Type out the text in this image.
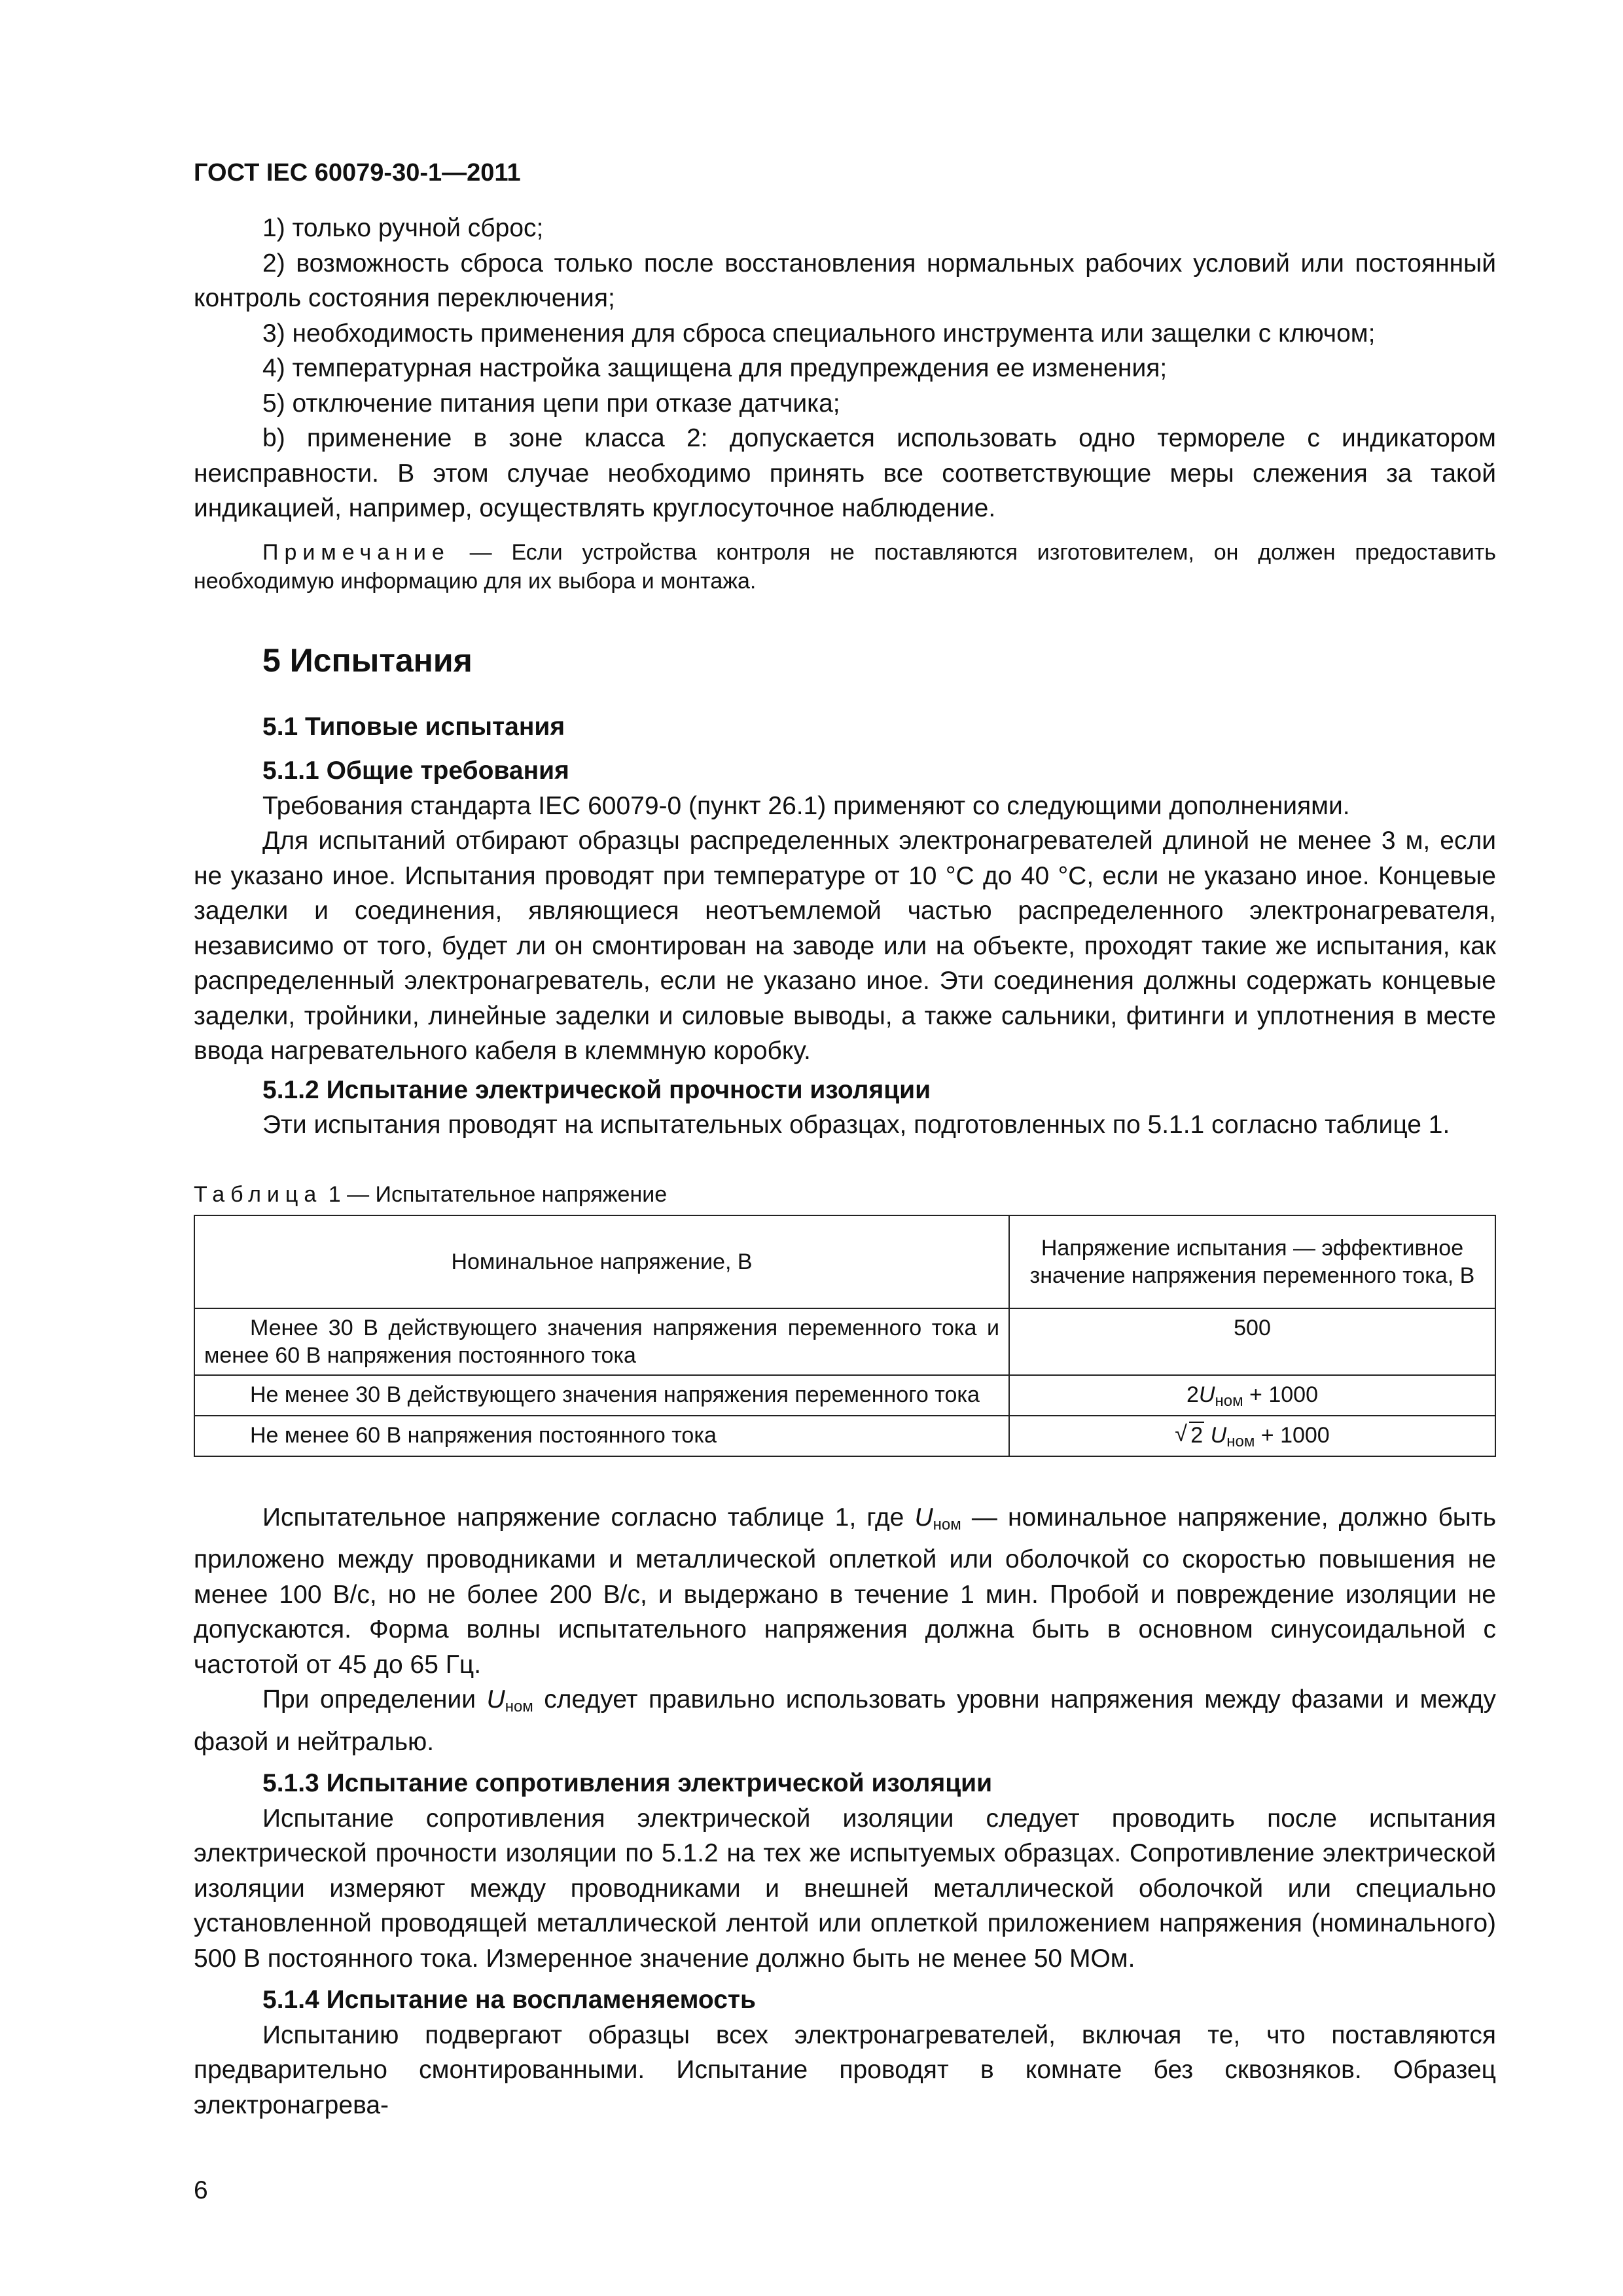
ГОСТ IEC 60079-30-1—2011

1) только ручной сброс;

2) возможность сброса только после восстановления нормальных рабочих условий или постоянный контроль состояния переключения;

3) необходимость применения для сброса специального инструмента или защелки с ключом;

4) температурная настройка защищена для предупреждения ее изменения;

5) отключение питания цепи при отказе датчика;

b) применение в зоне класса 2: допускается использовать одно термореле с индикатором неисправности. В этом случае необходимо принять все соответствующие меры слежения за такой индикацией, например, осуществлять круглосуточное наблюдение.

Примечание — Если устройства контроля не поставляются изготовителем, он должен предоставить необходимую информацию для их выбора и монтажа.

5 Испытания
5.1 Типовые испытания
5.1.1 Общие требования

Требования стандарта IEC 60079-0 (пункт 26.1) применяют со следующими дополнениями.

Для испытаний отбирают образцы распределенных электронагревателей длиной не менее 3 м, если не указано иное. Испытания проводят при температуре от 10 °С до 40 °С, если не указано иное. Концевые заделки и соединения, являющиеся неотъемлемой частью распределенного электронагревателя, независимо от того, будет ли он смонтирован на заводе или на объекте, проходят такие же испытания, как распределенный электронагреватель, если не указано иное. Эти соединения должны содержать концевые заделки, тройники, линейные заделки и силовые выводы, а также сальники, фитинги и уплотнения в месте ввода нагревательного кабеля в клеммную коробку.

5.1.2 Испытание электрической прочности изоляции

Эти испытания проводят на испытательных образцах, подготовленных по 5.1.1 согласно таблице 1.

Таблица 1 — Испытательное напряжение
Номинальное напряжение, В	Напряжение испытания — эффективное значение напряжения переменного тока, В

Менее 30 В действующего значения напряжения переменного тока и менее 60 В напряжения постоянного тока	500

Не менее 30 В действующего значения напряжения переменного тока	$2U_{ном} + 1000$

Не менее 60 В напряжения постоянного тока	√ 2 $U_{ном} + 1000$

Испытательное напряжение согласно таблице 1, где $U_{ном}$ — номинальное напряжение, должно быть приложено между проводниками и металлической оплеткой или оболочкой со скоростью повышения не менее 100 В/с, но не более 200 В/с, и выдержано в течение 1 мин. Пробой и повреждение изоляции не допускаются. Форма волны испытательного напряжения должна быть в основном синусоидальной с частотой от 45 до 65 Гц.

При определении $U_{ном}$ следует правильно использовать уровни напряжения между фазами и между фазой и нейтралью.

5.1.3 Испытание сопротивления электрической изоляции

Испытание сопротивления электрической изоляции следует проводить после испытания электрической прочности изоляции по 5.1.2 на тех же испытуемых образцах. Сопротивление электрической изоляции измеряют между проводниками и внешней металлической оболочкой или специально установленной проводящей металлической лентой или оплеткой приложением напряжения (номинального) 500 В постоянного тока. Измеренное значение должно быть не менее 50 МОм.

5.1.4 Испытание на воспламеняемость

Испытанию подвергают образцы всех электронагревателей, включая те, что поставляются предварительно смонтированными. Испытание проводят в комнате без сквозняков. Образец электронагрева-

6
